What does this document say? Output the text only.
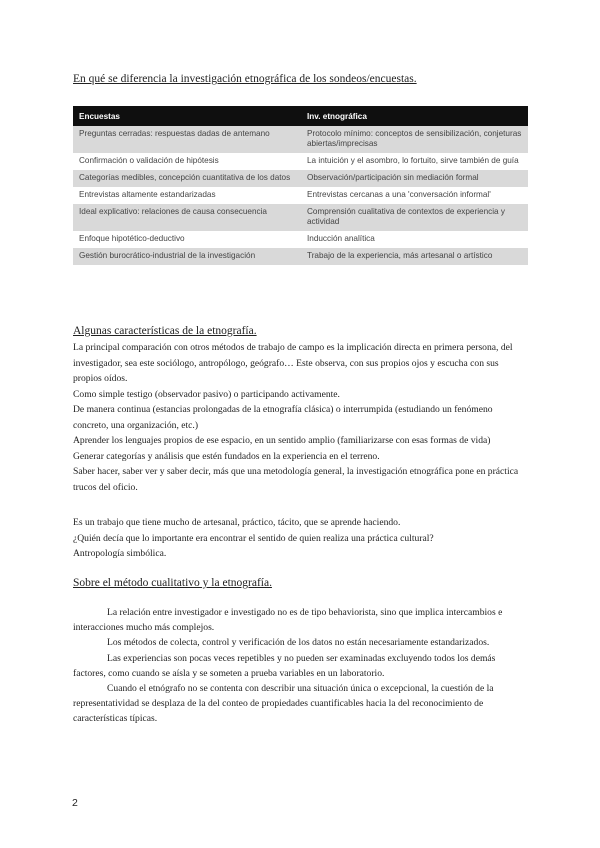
En qué se diferencia la investigación etnográfica de los sondeos/encuestas.
Encuestas	Inv. etnográfica
Preguntas cerradas: respuestas dadas de antemano	Protocolo mínimo: conceptos de sensibilización, conjeturas abiertas/imprecisas
Confirmación o validación de hipótesis	La intuición y el asombro, lo fortuito, sirve también de guía
Categorías medibles, concepción cuantitativa de los datos	Observación/participación sin mediación formal
Entrevistas altamente estandarizadas	Entrevistas cercanas a una 'conversación informal'
Ideal explicativo: relaciones de causa consecuencia	Comprensión cualitativa de contextos de experiencia y actividad
Enfoque hipotético-deductivo	Inducción analítica
Gestión burocrático-industrial de la investigación	Trabajo de la experiencia, más artesanal o artístico
Algunas características de la etnografía.

La principal comparación con otros métodos de trabajo de campo es la implicación directa en primera persona, del investigador, sea este sociólogo, antropólogo, geógrafo… Este observa, con sus propios ojos y escucha con sus propios oídos.

Como simple testigo (observador pasivo) o participando activamente.

De manera continua (estancias prolongadas de la etnografía clásica) o interrumpida (estudiando un fenómeno concreto, una organización, etc.)

Aprender los lenguajes propios de ese espacio, en un sentido amplio (familiarizarse con esas formas de vida)

Generar categorías y análisis que estén fundados en la experiencia en el terreno.

Saber hacer, saber ver y saber decir, más que una metodología general, la investigación etnográfica pone en práctica trucos del oficio.

Es un trabajo que tiene mucho de artesanal, práctico, tácito, que se aprende haciendo.

¿Quién decía que lo importante era encontrar el sentido de quien realiza una práctica cultural?

Antropología simbólica.

Sobre el método cualitativo y la etnografía.

La relación entre investigador e investigado no es de tipo behaviorista, sino que implica intercambios e interacciones mucho más complejos.

Los métodos de colecta, control y verificación de los datos no están necesariamente estandarizados.

Las experiencias son pocas veces repetibles y no pueden ser examinadas excluyendo todos los demás factores, como cuando se aísla y se someten a prueba variables en un laboratorio.

Cuando el etnógrafo no se contenta con describir una situación única o excepcional, la cuestión de la representatividad se desplaza de la del conteo de propiedades cuantificables hacia la del reconocimiento de características típicas.

2
